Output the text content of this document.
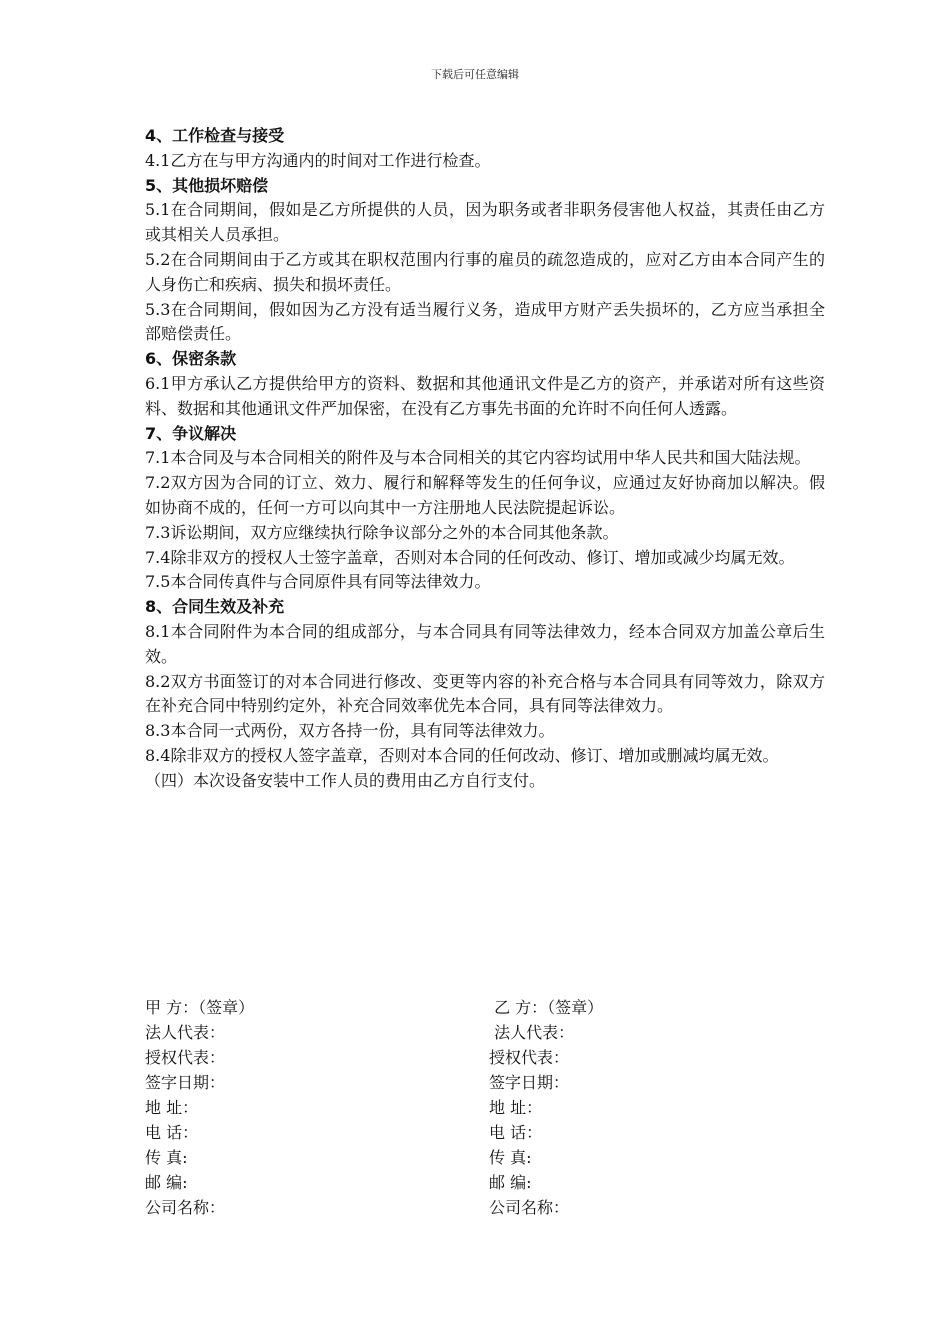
下载后可任意编辑
4、工作检查与接受

4.1乙方在与甲方沟通内的时间对工作进行检查。

5、其他损坏赔偿

5.1在合同期间，假如是乙方所提供的人员，因为职务或者非职务侵害他人权益，其责任由乙方或其相关人员承担。

5.2在合同期间由于乙方或其在职权范围内行事的雇员的疏忽造成的，应对乙方由本合同产生的人身伤亡和疾病、损失和损坏责任。

5.3在合同期间，假如因为乙方没有适当履行义务，造成甲方财产丢失损坏的，乙方应当承担全部赔偿责任。

6、保密条款

6.1甲方承认乙方提供给甲方的资料、数据和其他通讯文件是乙方的资产，并承诺对所有这些资料、数据和其他通讯文件严加保密，在没有乙方事先书面的允许时不向任何人透露。

7、争议解决

7.1本合同及与本合同相关的附件及与本合同相关的其它内容均试用中华人民共和国大陆法规。

7.2双方因为合同的订立、效力、履行和解释等发生的任何争议，应通过友好协商加以解决。假如协商不成的，任何一方可以向其中一方注册地人民法院提起诉讼。

7.3诉讼期间，双方应继续执行除争议部分之外的本合同其他条款。

7.4除非双方的授权人士签字盖章，否则对本合同的任何改动、修订、增加或减少均属无效。

7.5本合同传真件与合同原件具有同等法律效力。

8、合同生效及补充

8.1本合同附件为本合同的组成部分，与本合同具有同等法律效力，经本合同双方加盖公章后生效。

8.2双方书面签订的对本合同进行修改、变更等内容的补充合格与本合同具有同等效力，除双方在补充合同中特别约定外，补充合同效率优先本合同，具有同等法律效力。

8.3本合同一式两份，双方各持一份，具有同等法律效力。

8.4除非双方的授权人签字盖章，否则对本合同的任何改动、修订、增加或删减均属无效。

（四）本次设备安装中工作人员的费用由乙方自行支付。

甲 方：（签章）
法人代表：
授权代表：
签字日期：
地 址：
电 话：
传 真:
邮 编:
公司名称：
乙 方：（签章）
法人代表：
授权代表：
签字日期：
地 址：
电 话：
传 真:
邮 编:
公司名称：
